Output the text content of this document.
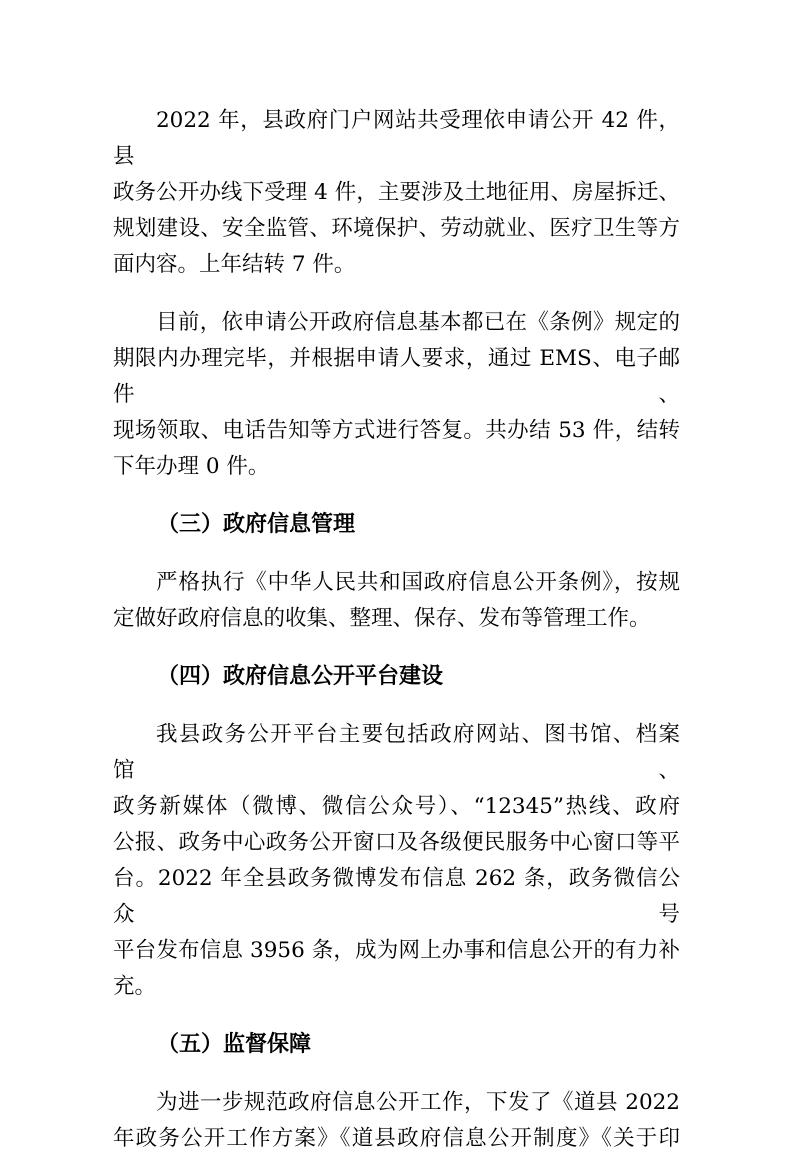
2022 年，县政府门户网站共受理依申请公开 42 件，县
政务公开办线下受理 4 件，主要涉及土地征用、房屋拆迁、
规划建设、安全监管、环境保护、劳动就业、医疗卫生等方
面内容。上年结转 7 件。
目前，依申请公开政府信息基本都已在《条例》规定的
期限内办理完毕，并根据申请人要求，通过 EMS、电子邮件、
现场领取、电话告知等方式进行答复。共办结 53 件，结转
下年办理 0 件。
（三）政府信息管理
严格执行《中华人民共和国政府信息公开条例》，按规
定做好政府信息的收集、整理、保存、发布等管理工作。
（四）政府信息公开平台建设
我县政务公开平台主要包括政府网站、图书馆、档案馆、
政务新媒体（微博、微信公众号）、“12345”热线、政府
公报、政务中心政务公开窗口及各级便民服务中心窗口等平
台。2022 年全县政务微博发布信息 262 条，政务微信公众号
平台发布信息 3956 条，成为网上办事和信息公开的有力补
充。
（五）监督保障
为进一步规范政府信息公开工作，下发了《道县 2022
年政务公开工作方案》《道县政府信息公开制度》《关于印
